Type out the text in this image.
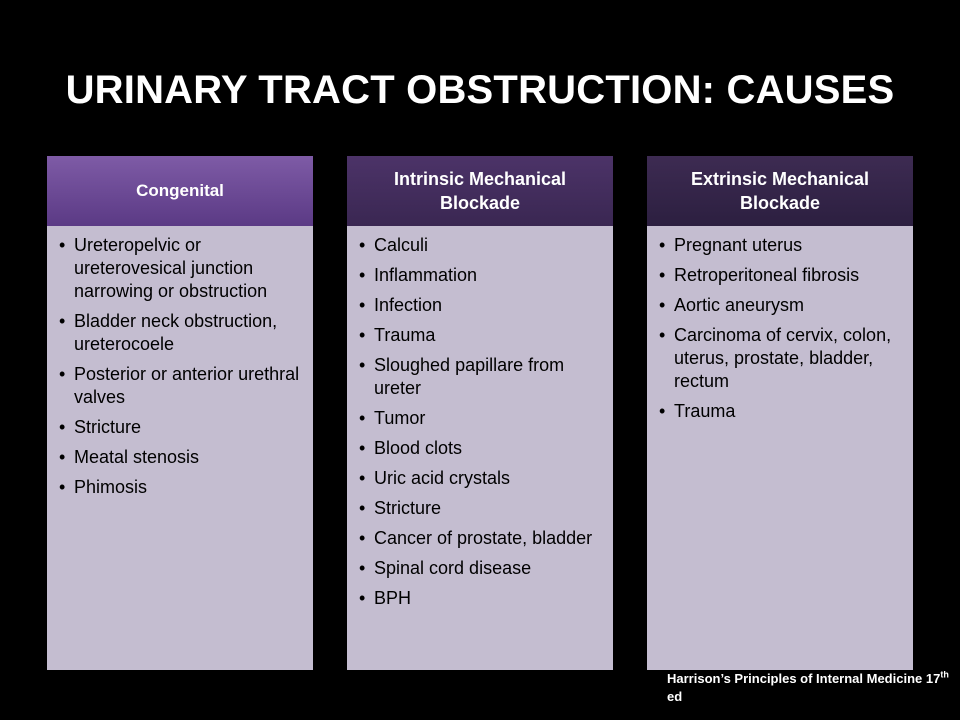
URINARY TRACT OBSTRUCTION: CAUSES
Congenital
• Ureteropelvic or ureterovesical junction narrowing or obstruction
• Bladder neck obstruction, ureterocoele
• Posterior or anterior urethral valves
• Stricture
• Meatal stenosis
• Phimosis
Intrinsic Mechanical Blockade
• Calculi
• Inflammation
• Infection
• Trauma
• Sloughed papillare from ureter
• Tumor
• Blood clots
• Uric acid crystals
• Stricture
• Cancer of prostate, bladder
• Spinal cord disease
• BPH
Extrinsic Mechanical Blockade
• Pregnant uterus
• Retroperitoneal fibrosis
• Aortic aneurysm
• Carcinoma of cervix, colon, uterus, prostate, bladder, rectum
• Trauma
Harrison’s Principles of Internal Medicine 17th ed
